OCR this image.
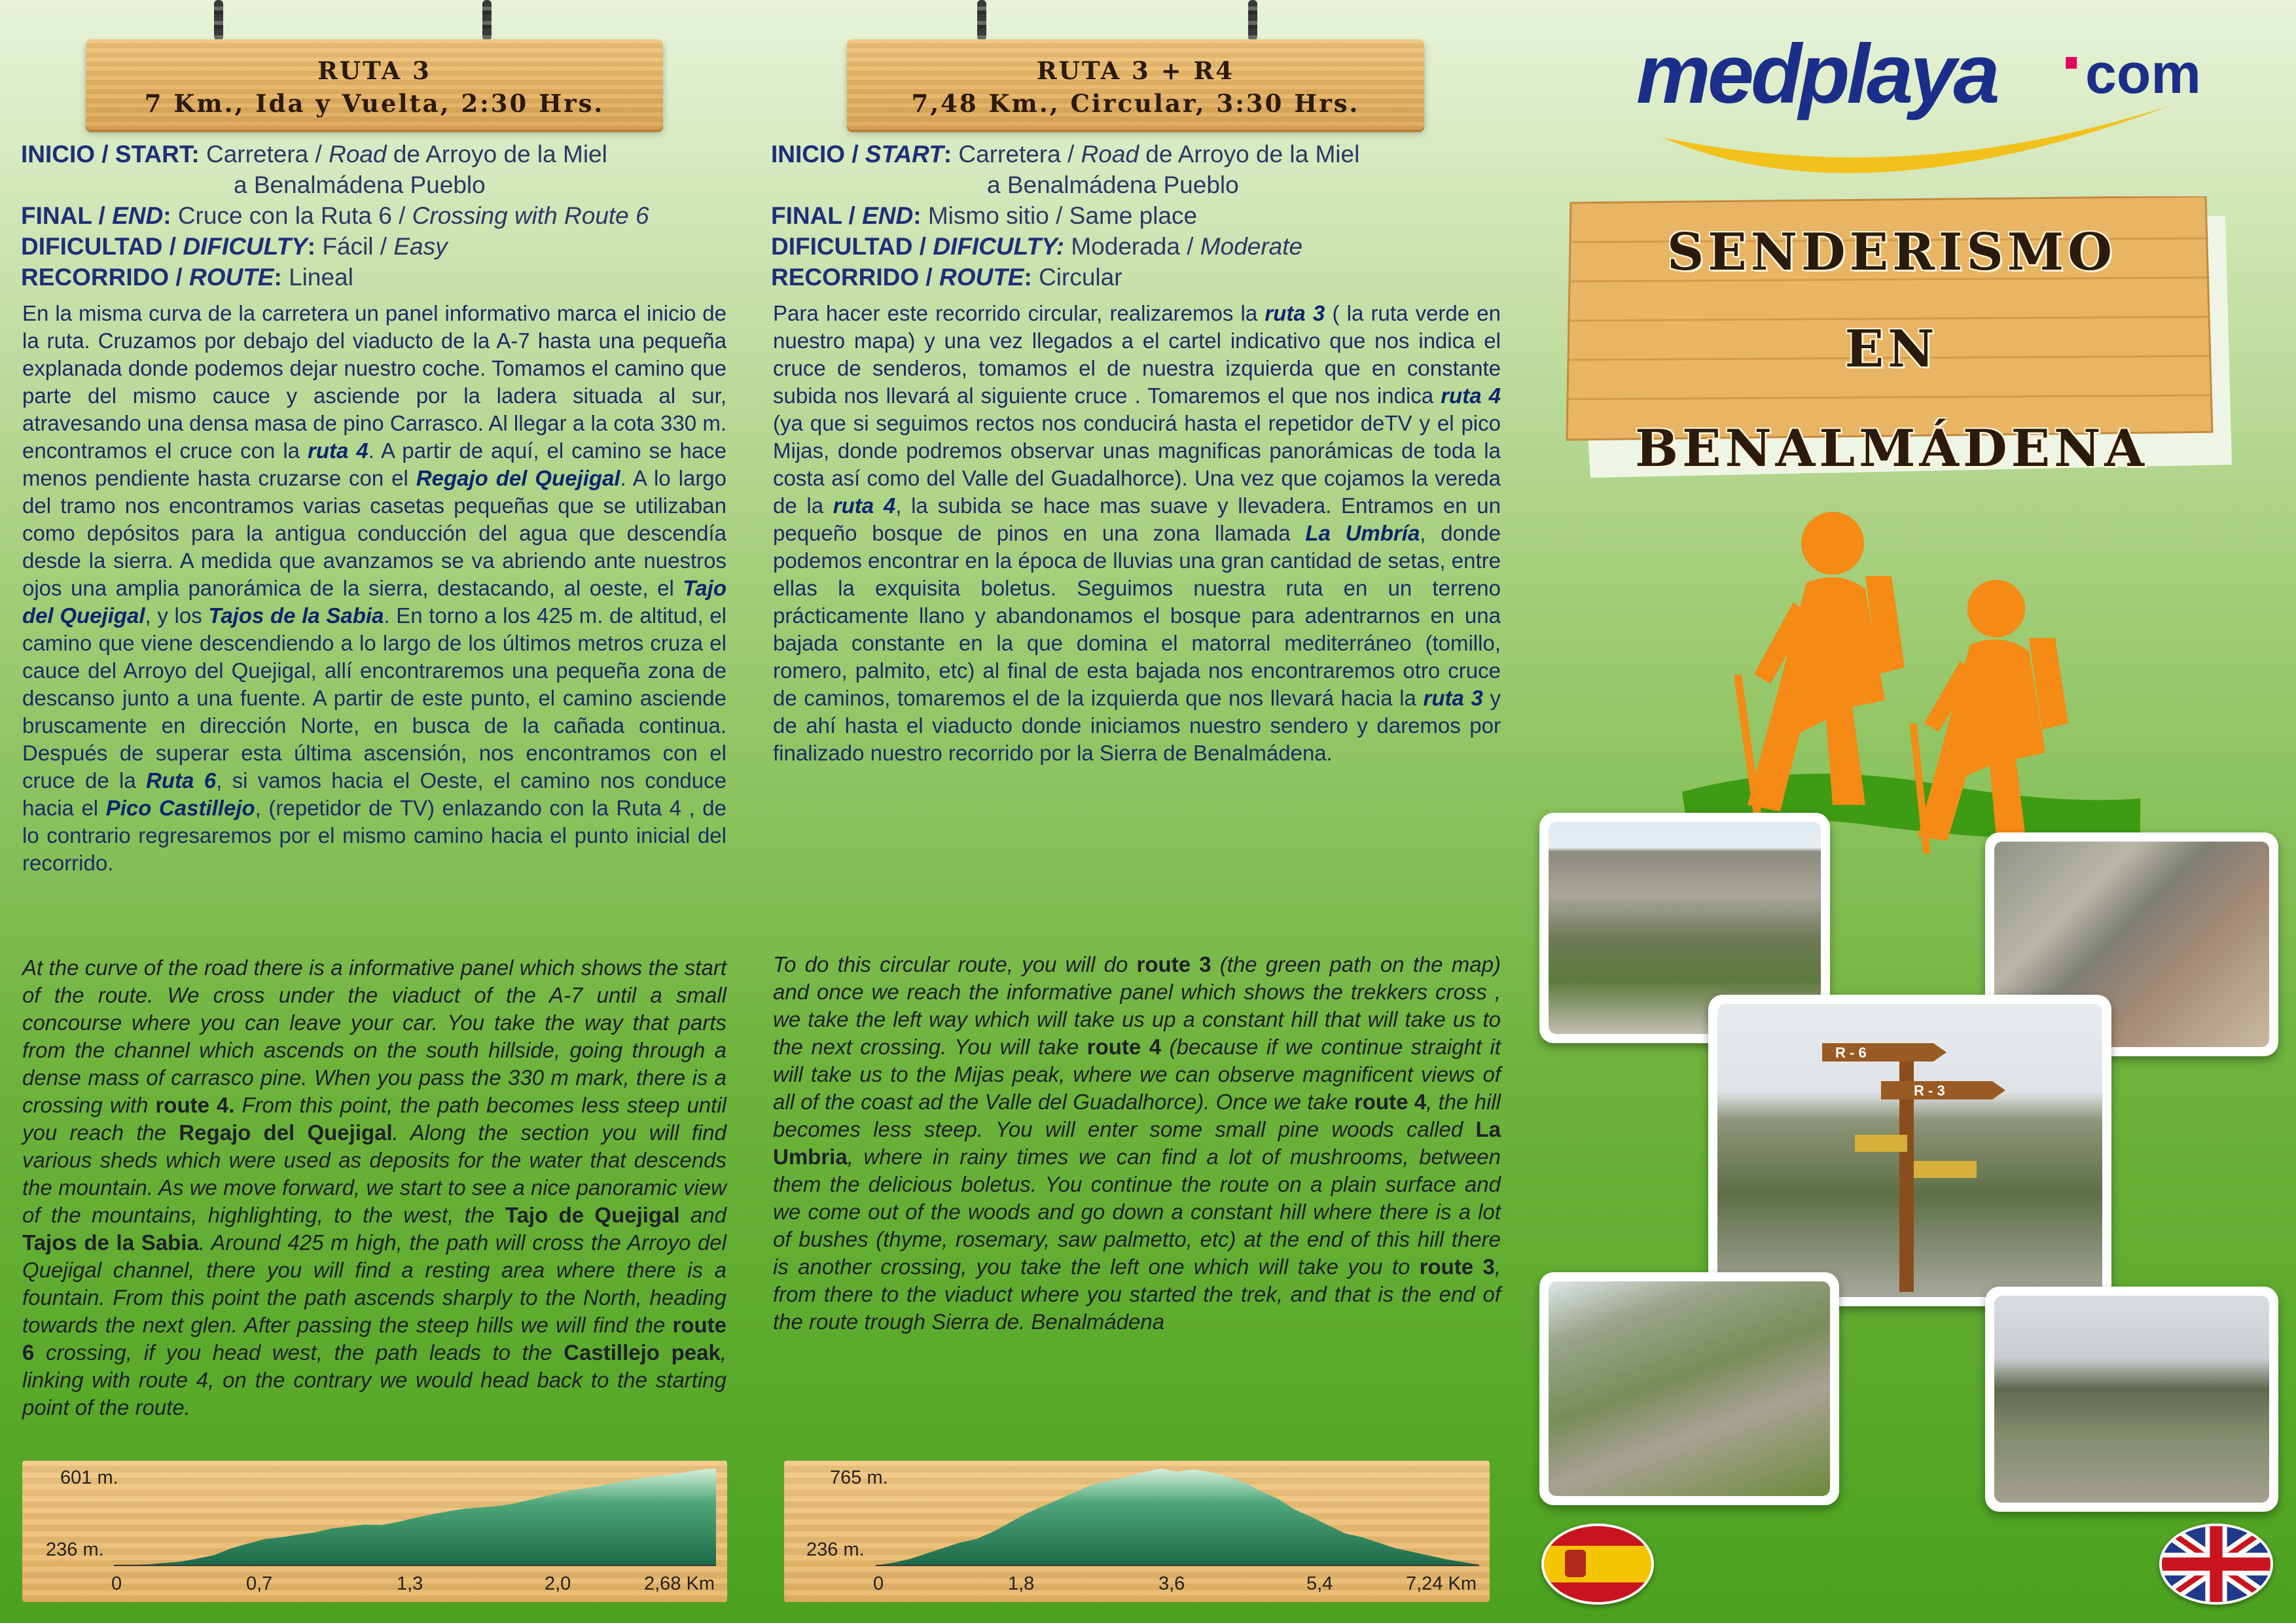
RUTA 3
7 Km., Ida y Vuelta, 2:30 Hrs.
INICIO / START: Carretera / Road de Arroyo de la Miel
a Benalmádena Pueblo
FINAL / END: Cruce con la Ruta 6 / Crossing with Route 6
DIFICULTAD / DIFICULTY: Fácil / Easy
RECORRIDO / ROUTE: Lineal
En la misma curva de la carretera un panel informativo marca el inicio de la ruta. Cruzamos por debajo del viaducto de la A-7 hasta una pequeña explanada donde podemos dejar nuestro coche. Tomamos el camino que parte del mismo cauce y asciende por la ladera situada al sur, atravesando una densa masa de pino Carrasco. Al llegar a la cota 330 m. encontramos el cruce con la ruta 4. A partir de aquí, el camino se hace menos pendiente hasta cruzarse con el Regajo del Quejigal. A lo largo del tramo nos encontramos varias casetas pequeñas que se utilizaban como depósitos para la antigua conducción del agua que descendía desde la sierra. A medida que avanzamos se va abriendo ante nuestros ojos una amplia panorámica de la sierra, destacando, al oeste, el Tajo del Quejigal, y los Tajos de la Sabia. En torno a los 425 m. de altitud, el camino que viene descendiendo a lo largo de los últimos metros cruza el cauce del Arroyo del Quejigal, allí encontraremos una pequeña zona de descanso junto a una fuente. A partir de este punto, el camino asciende bruscamente en dirección Norte, en busca de la cañada continua. Después de superar esta última ascensión, nos encontramos con el cruce de la Ruta 6, si vamos hacia el Oeste, el camino nos conduce hacia el Pico Castillejo, (repetidor de TV) enlazando con la Ruta 4 , de lo contrario regresaremos por el mismo camino hacia el punto inicial del recorrido.
At the curve of the road there is a informative panel which shows the start of the route. We cross under the viaduct of the A-7 until a small concourse where you can leave your car. You take the way that parts from the channel which ascends on the south hillside, going through a dense mass of carrasco pine. When you pass the 330 m mark, there is a crossing with route 4. From this point, the path becomes less steep until you reach the Regajo del Quejigal. Along the section you will find various sheds which were used as deposits for the water that descends the mountain. As we move forward, we start to see a nice panoramic view of the mountains, highlighting, to the west, the Tajo de Quejigal and Tajos de la Sabia. Around 425 m high, the path will cross the Arroyo del Quejigal channel, there you will find a resting area where there is a fountain. From this point the path ascends sharply to the North, heading towards the next glen. After passing the steep hills we will find the route 6 crossing, if you head west, the path leads to the Castillejo peak, linking with route 4, on the contrary we would head back to the starting point of the route.
601 m.
236 m.
0	0,7	1,3	2,0	2,68 Km
RUTA 3 + R4
7,48 Km., Circular, 3:30 Hrs.
INICIO / START: Carretera / Road de Arroyo de la Miel
a Benalmádena Pueblo
FINAL / END: Mismo sitio / Same place
DIFICULTAD / DIFICULTY: Moderada / Moderate
RECORRIDO / ROUTE: Circular
Para hacer este recorrido circular, realizaremos la ruta 3 ( la ruta verde en nuestro mapa) y una vez llegados a el cartel indicativo que nos indica el cruce de senderos, tomamos el de nuestra izquierda que en constante subida nos llevará al siguiente cruce . Tomaremos el que nos indica ruta 4 (ya que si seguimos rectos nos conducirá hasta el repetidor deTV y el pico Mijas, donde podremos observar unas magnificas panorámicas de toda la costa así como del Valle del Guadalhorce). Una vez que cojamos la vereda de la ruta 4, la subida se hace mas suave y llevadera. Entramos en un pequeño bosque de pinos en una zona llamada La Umbría, donde podemos encontrar en la época de lluvias una gran cantidad de setas, entre ellas la exquisita boletus. Seguimos nuestra ruta en un terreno prácticamente llano y abandonamos el bosque para adentrarnos en una bajada constante en la que domina el matorral mediterráneo (tomillo, romero, palmito, etc) al final de esta bajada nos encontraremos otro cruce de caminos, tomaremos el de la izquierda que nos llevará hacia la ruta 3 y de ahí hasta el viaducto donde iniciamos nuestro sendero y daremos por finalizado nuestro recorrido por la Sierra de Benalmádena.
To do this circular route, you will do route 3 (the green path on the map) and once we reach the informative panel which shows the trekkers cross , we take the left way which will take us up a constant hill that will take us to the next crossing. You will take route 4 (because if we continue straight it will take us to the Mijas peak, where we can observe magnificent views of all of the coast ad the Valle del Guadalhorce). Once we take route 4, the hill becomes less steep. You will enter some small pine woods called La Umbria, where in rainy times we can find a lot of mushrooms, between them the delicious boletus. You continue the route on a plain surface and we come out of the woods and go down a constant hill where there is a lot of bushes (thyme, rosemary, saw palmetto, etc) at the end of this hill there is another crossing, you take the left one which will take you to route 3, from there to the viaduct where you started the trek, and that is the end of the route trough Sierra de. Benalmádena
765 m.
236 m.
0	1,8	3,6	5,4	7,24 Km
medplaya ·
com
SENDERISMO
EN
BENALMÁDENA
R - 6
R - 3
